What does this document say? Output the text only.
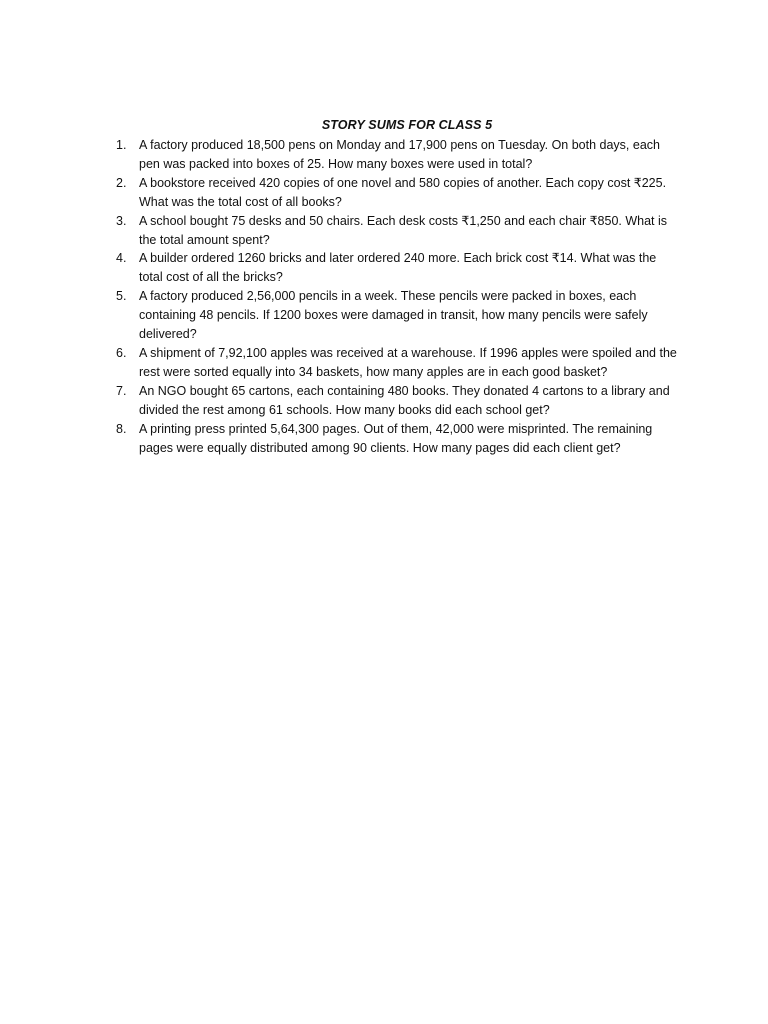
STORY SUMS FOR CLASS 5
1. A factory produced 18,500 pens on Monday and 17,900 pens on Tuesday. On both days, each pen was packed into boxes of 25. How many boxes were used in total?
2. A bookstore received 420 copies of one novel and 580 copies of another. Each copy cost ₹225. What was the total cost of all books?
3. A school bought 75 desks and 50 chairs. Each desk costs ₹1,250 and each chair ₹850. What is the total amount spent?
4. A builder ordered 1260 bricks and later ordered 240 more. Each brick cost ₹14. What was the total cost of all the bricks?
5. A factory produced 2,56,000 pencils in a week. These pencils were packed in boxes, each containing 48 pencils. If 1200 boxes were damaged in transit, how many pencils were safely delivered?
6. A shipment of 7,92,100 apples was received at a warehouse. If 1996 apples were spoiled and the rest were sorted equally into 34 baskets, how many apples are in each good basket?
7. An NGO bought 65 cartons, each containing 480 books. They donated 4 cartons to a library and divided the rest among 61 schools. How many books did each school get?
8. A printing press printed 5,64,300 pages. Out of them, 42,000 were misprinted. The remaining pages were equally distributed among 90 clients. How many pages did each client get?
